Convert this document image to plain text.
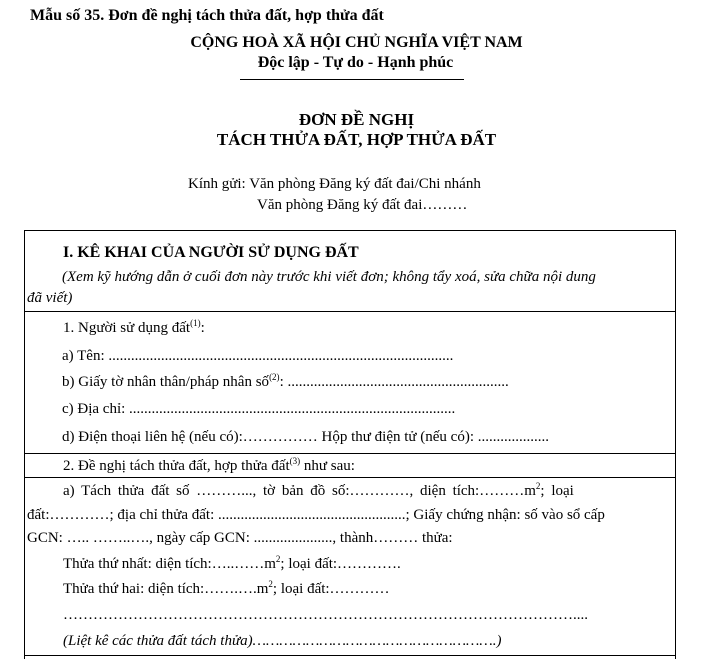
Mẫu số 35. Đơn đề nghị tách thửa đất, hợp thửa đất
CỘNG HOÀ XÃ HỘI CHỦ NGHĨA VIỆT NAM
Độc lập - Tự do - Hạnh phúc
ĐƠN ĐỀ NGHỊ
TÁCH THỬA ĐẤT, HỢP THỬA ĐẤT
Kính gửi: Văn phòng Đăng ký đất đai/Chi nhánh
Văn phòng Đăng ký đất đai………
I. KÊ KHAI CỦA NGƯỜI SỬ DỤNG ĐẤT
(Xem kỹ hướng dẫn ở cuối đơn này trước khi viết đơn; không tẩy xoá, sửa chữa nội dung
đã viết)
1. Người sử dụng đất$^{(1)}$:
a) Tên: ............................................................................................
b) Giấy tờ nhân thân/pháp nhân số$^{(2)}$: ...........................................................
c) Địa chỉ: .......................................................................................
d) Điện thoại liên hệ (nếu có):…………… Hộp thư điện tử (nếu có): ...................
2. Đề nghị tách thửa đất, hợp thửa đất$^{(3)}$ như sau:
a) Tách thửa đất số ………..., tờ bản đồ số:…………, diện $tích:\dots\dots\dots m^2$; loại
đất:…………; địa chỉ thửa đất: ..................................................; Giấy chứng nhận: số vào sổ cấp
GCN: ….. ……..…., ngày cấp GCN: ....................., thành……… thửa:
Thửa thứ nhất: diện $tích:\dots..\dots\dots m^2$; loại đất:………….
Thửa thứ hai: diện $tích:\dots\dots.\dots.m^2$; loại đất:…………
…………………………………………………………………………………………....
(Liệt kê các thửa đất tách thửa)……………………………………………….)
